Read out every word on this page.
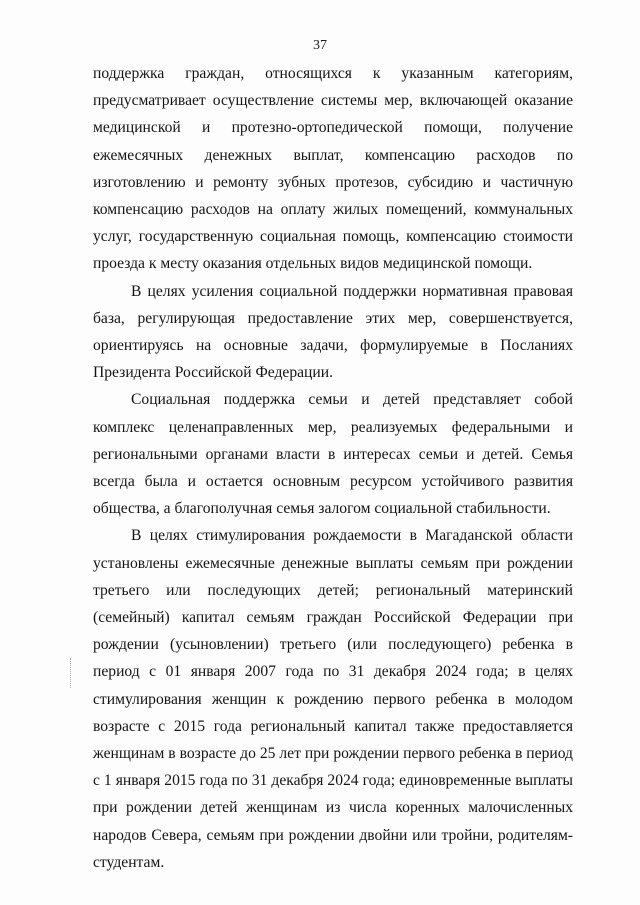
37

поддержка граждан, относящихся к указанным категориям, предусматривает осуществление системы мер, включающей оказание медицинской и протезно-ортопедической помощи, получение ежемесячных денежных выплат, компенсацию расходов по изготовлению и ремонту зубных протезов, субсидию и частичную компенсацию расходов на оплату жилых помещений, коммунальных услуг, государственную социальная помощь, компенсацию стоимости проезда к месту оказания отдельных видов медицинской помощи.

В целях усиления социальной поддержки нормативная правовая база, регулирующая предоставление этих мер, совершенствуется, ориентируясь на основные задачи, формулируемые в Посланиях Президента Российской Федерации.

Социальная поддержка семьи и детей представляет собой комплекс целенаправленных мер, реализуемых федеральными и региональными органами власти в интересах семьи и детей. Семья всегда была и остается основным ресурсом устойчивого развития общества, а благополучная семья залогом социальной стабильности.

В целях стимулирования рождаемости в Магаданской области установлены ежемесячные денежные выплаты семьям при рождении третьего или последующих детей; региональный материнский (семейный) капитал семьям граждан Российской Федерации при рождении (усыновлении) третьего (или последующего) ребенка в период с 01 января 2007 года по 31 декабря 2024 года; в целях стимулирования женщин к рождению первого ребенка в молодом возрасте с 2015 года региональный капитал также предоставляется женщинам в возрасте до 25 лет при рождении первого ребенка в период с 1 января 2015 года по 31 декабря 2024 года; единовременные выплаты при рождении детей женщинам из числа коренных малочисленных народов Севера, семьям при рождении двойни или тройни, родителям-студентам.
